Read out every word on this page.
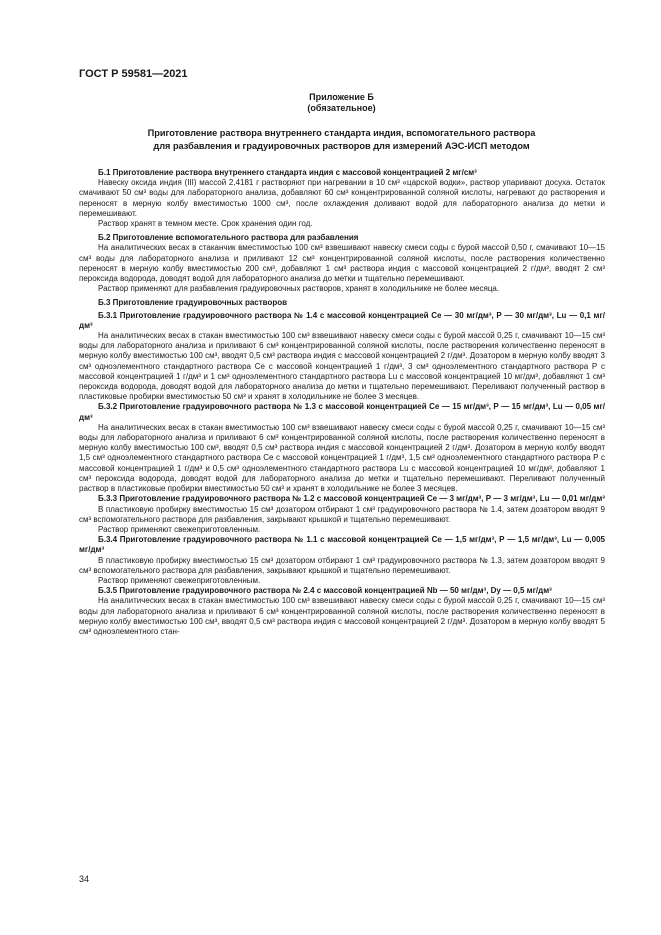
ГОСТ Р 59581—2021
Приложение Б
(обязательное)
Приготовление раствора внутреннего стандарта индия, вспомогательного раствора
для разбавления и градуировочных растворов для измерений АЭС-ИСП методом

Б.1 Приготовление раствора внутреннего стандарта индия с массовой концентрацией 2 мг/см³

Навеску оксида индия (III) массой 2,4181 г растворяют при нагревании в 10 см³ «царской водки», раствор упаривают досуха. Остаток смачивают 50 см³ воды для лабораторного анализа, добавляют 60 см³ концентрированной соляной кислоты, нагревают до растворения и переносят в мерную колбу вместимостью 1000 см³, после охлаждения доливают водой для лабораторного анализа до метки и перемешивают.

Раствор хранят в темном месте. Срок хранения один год.

Б.2 Приготовление вспомогательного раствора для разбавления

На аналитических весах в стаканчик вместимостью 100 см³ взвешивают навеску смеси соды с бурой массой 0,50 г, смачивают 10—15 см³ воды для лабораторного анализа и приливают 12 см³ концентрированной соляной кислоты, после растворения количественно переносят в мерную колбу вместимостью 200 см³, добавляют 1 см³ раствора индия с массовой концентрацией 2 г/дм³, вводят 2 см³ пероксида водорода, доводят водой для лабораторного анализа до метки и тщательно перемешивают.

Раствор применяют для разбавления градуировочных растворов, хранят в холодильнике не более месяца.

Б.3 Приготовление градуировочных растворов

Б.3.1 Приготовление градуировочного раствора № 1.4 с массовой концентрацией Се — 30 мг/дм³, Р — 30 мг/дм³, Lu — 0,1 мг/дм³

На аналитических весах в стакан вместимостью 100 см³ взвешивают навеску смеси соды с бурой массой 0,25 г, смачивают 10—15 см³ воды для лабораторного анализа и приливают 6 см³ концентрированной соляной кислоты, после растворения количественно переносят в мерную колбу вместимостью 100 см³, вводят 0,5 см³ раствора индия с массовой концентрацией 2 г/дм³. Дозатором в мерную колбу вводят 3 см³ одноэлементного стандартного раствора Се с массовой концентрацией 1 г/дм³, 3 см³ одноэлементного стандартного раствора Р с массовой концентрацией 1 г/дм³ и 1 см³ одноэлементного стандартного раствора Lu с массовой концентрацией 10 мг/дм³, добавляют 1 см³ пероксида водорода, доводят водой для лабораторного анализа до метки и тщательно перемешивают. Переливают полученный раствор в пластиковые пробирки вместимостью 50 см³ и хранят в холодильнике не более 3 месяцев.

Б.3.2 Приготовление градуировочного раствора № 1.3 с массовой концентрацией Се — 15 мг/дм³, Р — 15 мг/дм³, Lu — 0,05 мг/дм³

На аналитических весах в стакан вместимостью 100 см³ взвешивают навеску смеси соды с бурой массой 0,25 г, смачивают 10—15 см³ воды для лабораторного анализа и приливают 6 см³ концентрированной соляной кислоты, после растворения количественно переносят в мерную колбу вместимостью 100 см³, вводят 0,5 см³ раствора индия с массовой концентрацией 2 г/дм³. Дозатором в мерную колбу вводят 1,5 см³ одноэлементного стандартного раствора Се с массовой концентрацией 1 г/дм³, 1,5 см³ одноэлементного стандартного раствора Р с массовой концентрацией 1 г/дм³ и 0,5 см³ одноэлементного стандартного раствора Lu с массовой концентрацией 10 мг/дм³, добавляют 1 см³ пероксида водорода, доводят водой для лабораторного анализа до метки и тщательно перемешивают. Переливают полученный раствор в пластиковые пробирки вместимостью 50 см³ и хранят в холодильнике не более 3 месяцев.

Б.3.3 Приготовление градуировочного раствора № 1.2 с массовой концентрацией Се — 3 мг/дм³, Р — 3 мг/дм³, Lu — 0,01 мг/дм³

В пластиковую пробирку вместимостью 15 см³ дозатором отбирают 1 см³ градуировочного раствора № 1.4, затем дозатором вводят 9 см³ вспомогательного раствора для разбавления, закрывают крышкой и тщательно перемешивают.

Раствор применяют свежеприготовленным.

Б.3.4 Приготовление градуировочного раствора № 1.1 с массовой концентрацией Се — 1,5 мг/дм³, Р — 1,5 мг/дм³, Lu — 0,005 мг/дм³

В пластиковую пробирку вместимостью 15 см³ дозатором отбирают 1 см³ градуировочного раствора № 1.3, затем дозатором вводят 9 см³ вспомогательного раствора для разбавления, закрывают крышкой и тщательно перемешивают.

Раствор применяют свежеприготовленным.

Б.3.5 Приготовление градуировочного раствора № 2.4 с массовой концентрацией Nb — 50 мг/дм³, Dy — 0,5 мг/дм³

На аналитических весах в стакан вместимостью 100 см³ взвешивают навеску смеси соды с бурой массой 0,25 г, смачивают 10—15 см³ воды для лабораторного анализа и приливают 6 см³ концентрированной соляной кислоты, после растворения количественно переносят в мерную колбу вместимостью 100 см³, вводят 0,5 см³ раствора индия с массовой концентрацией 2 г/дм³. Дозатором в мерную колбу вводят 5 см³ одноэлементного стан-

34
